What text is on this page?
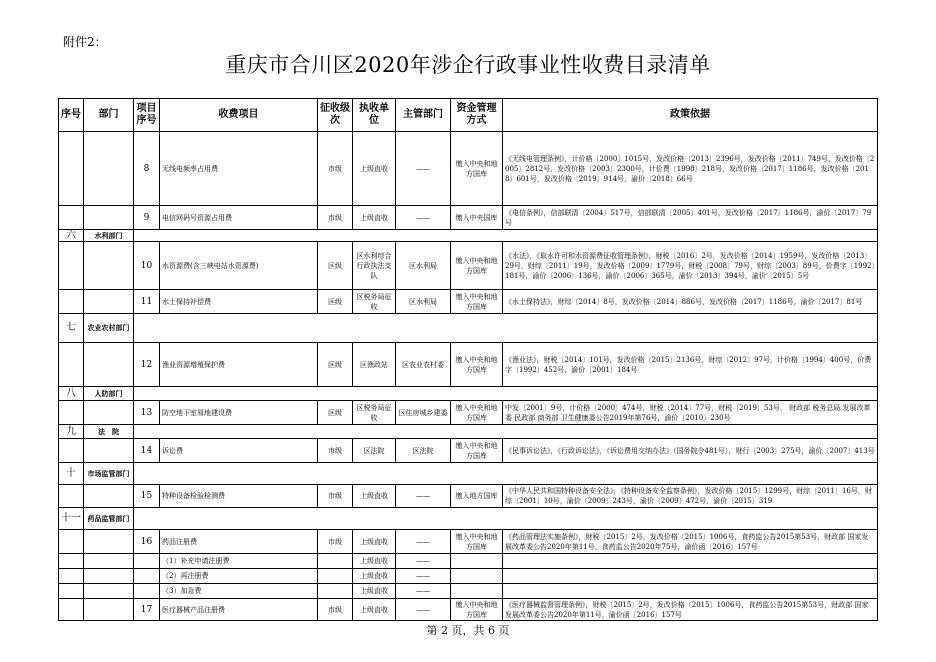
附件2：
重庆市合川区2020年涉企行政事业性收费目录清单
序号	部门	项目序号	收费项目	征收级次	执收单位	主管部门	资金管理方式	政策依据
		8	无线电频率占用费	市级	上级直收	——	缴入中央和地方国库	《无线电管理条例》，计价格〔2000〕1015号，发改价格〔2013〕2396号，发改价格〔2011〕749号，发改价格〔2005〕2812号，发改价格〔2003〕2300号，计价费〔1998〕218号，发改价格〔2017〕1186号，发改价格〔2018〕601号，发改价格〔2019〕914号，渝价〔2018〕66号
		9	电信网码号资源占用费	市级	上级直收	——	缴入中央国库	《电信条例》，信部联清〔2004〕517号，信部联清〔2005〕401号，发改价格〔2017〕1186号，渝价〔2017〕79号
六	水利部门							
		10	水资源费(含三峡电站水资源费)	区级	区水利综合行政执法支队	区水利局	缴入中央和地方国库	《水法》，《取水许可和水资源费征收管理条例》，财税〔2016〕2号，发改价格〔2014〕1959号，发改价格〔2013〕29号，财综〔2011〕19号，发改价格〔2009〕1779号，财税〔2008〕79号，财综〔2003〕89号，价费字〔1992〕181号，渝价〔2006〕136号，渝价〔2006〕365号，渝价〔2013〕394号，渝价〔2015〕5号
		11	水土保持补偿费	区级	区税务局征收	区水利局	缴入中央和地方国库	《水土保持法》，财综〔2014〕8号，发改价格〔2014〕886号，发改价格〔2017〕1186号，渝价〔2017〕81号
七	农业农村部门							
		12	渔业资源增殖保护费	区级	区渔政站	区农业农村委	缴入中央和地方国库	《渔业法》，财税〔2014〕101号，发改价格〔2015〕2136号，财综〔2012〕97号，计价格〔1994〕400号，价费字〔1992〕452号、渝价〔2001〕184号
八	人防部门							
		13	防空地下室易地建设费	区级	区税务局征收	区住房城乡建委	缴入中央和地方国库	中发〔2001〕9号，计价格〔2000〕474号，财税〔2014〕77号，财税〔2019〕53号， 财政部 税务总局 发展改革委 民政部 商务部 卫生健康委公告2019年第76号，渝价〔2010〕230号
九	法　院							
		14	诉讼费	市级	区法院	区法院	缴入中央和地方国库	《民事诉讼法》，《行政诉讼法》，《诉讼费用交纳办法》（国务院令481号），财行〔2003〕275号，渝价〔2007〕413号
十	市场监管部门							
		15	特种设备检验检测费	市级	上级直收	——	缴入地方国库	《中华人民共和国特种设备安全法》，《特种设备安全监察条例》，发改价格〔2015〕1299号，财综〔2011〕16号，财综〔2001〕10号，渝价〔2009〕243号，渝价〔2009〕472号，渝价〔2015〕319
十一	药品监管部门							
		16	药品注册费	市级	上级直收	——	缴入中央和地方国库	《药品管理法实施条例》，财税〔2015〕2号，发改价格〔2015〕1006号，食药监公告2015第53号，财政部 国家发展改革委公告2020年第11号，食药监公告2020年75号，渝价函〔2016〕157号
			（1）补充申请注册费		上级直收	——		
			（2）再注册费		上级直收	——		
			（3）加急费		上级直收	——		
		17	医疗器械产品注册费	市级	上级直收	——	缴入中央和地方国库	《医疗器械监督管理条例》，财税〔2015〕2号，发改价格〔2015〕1006号，食药监公告2015第53号，财政部 国家发展改革委公告2020年第11号，渝价函〔2016〕157号
第 2 页，共 6 页
